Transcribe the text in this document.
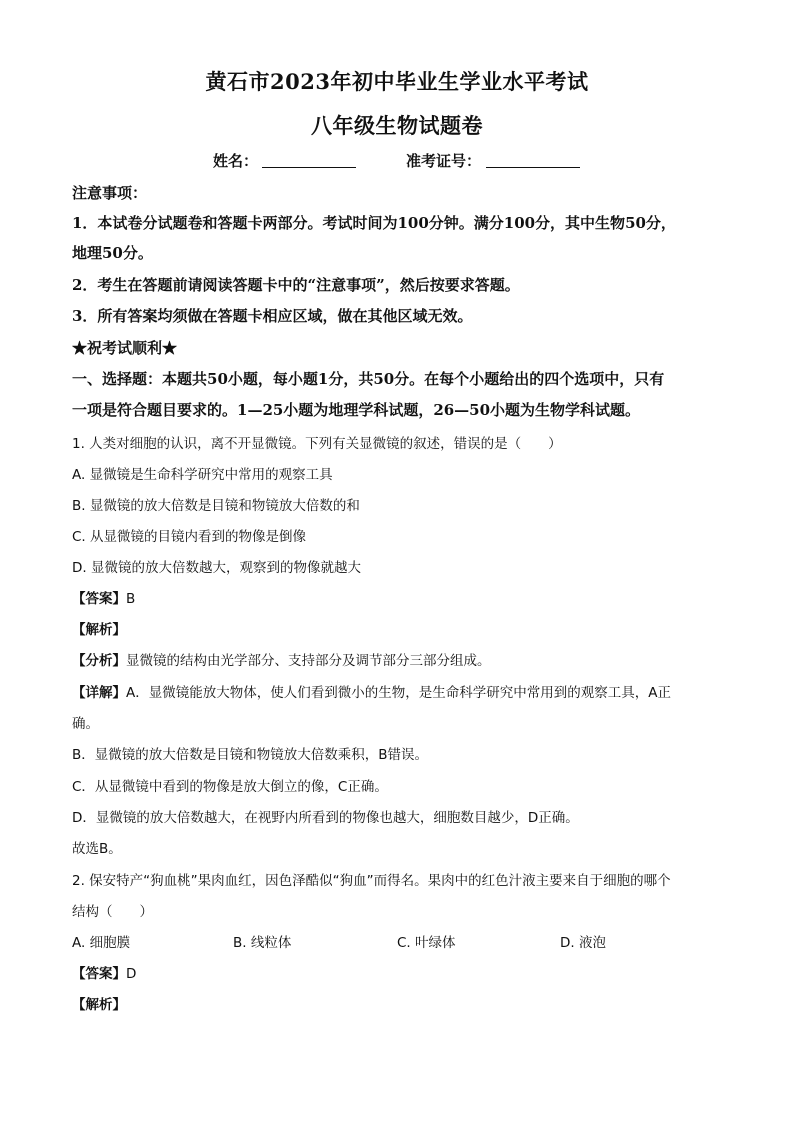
黄石市2023年初中毕业生学业水平考试
八年级生物试题卷
姓名：	准考证号：
注意事项：
1．本试卷分试题卷和答题卡两部分。考试时间为100分钟。满分100分，其中生物50分，
地理50分。
2．考生在答题前请阅读答题卡中的“注意事项”，然后按要求答题。
3．所有答案均须做在答题卡相应区域，做在其他区域无效。
★祝考试顺利★
一、选择题：本题共50小题，每小题1分，共50分。在每个小题给出的四个选项中，只有
一项是符合题目要求的。1—25小题为地理学科试题，26—50小题为生物学科试题。
1. 人类对细胞的认识，离不开显微镜。下列有关显微镜的叙述，错误的是（　　）
A. 显微镜是生命科学研究中常用的观察工具
B. 显微镜的放大倍数是目镜和物镜放大倍数的和
C. 从显微镜的目镜内看到的物像是倒像
D. 显微镜的放大倍数越大，观察到的物像就越大
【答案】B
【解析】
【分析】显微镜的结构由光学部分、支持部分及调节部分三部分组成。
【详解】A．显微镜能放大物体，使人们看到微小的生物，是生命科学研究中常用到的观察工具，A正
确。
B．显微镜的放大倍数是目镜和物镜放大倍数乘积，B错误。
C．从显微镜中看到的物像是放大倒立的像，C正确。
D．显微镜的放大倍数越大，在视野内所看到的物像也越大，细胞数目越少，D正确。
故选B。
2. 保安特产“狗血桃”果肉血红，因色泽酷似“狗血”而得名。果肉中的红色汁液主要来自于细胞的哪个
结构（　　）
A. 细胞膜	B. 线粒体	C. 叶绿体	D. 液泡
【答案】D
【解析】
